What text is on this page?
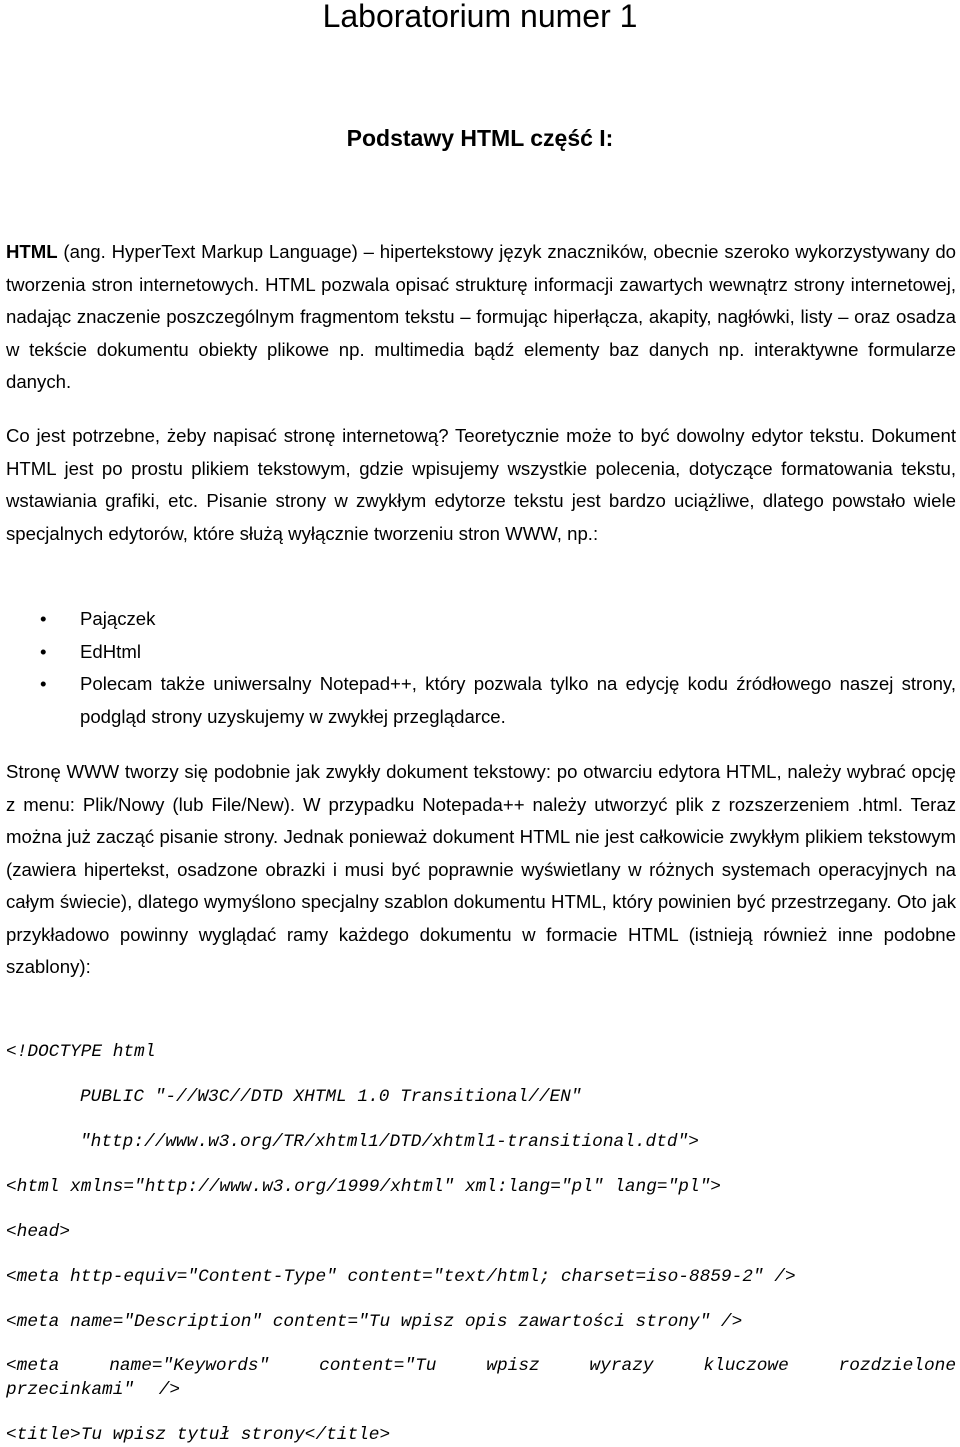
Laboratorium numer 1
Podstawy HTML część I:

HTML (ang. HyperText Markup Language) – hipertekstowy język znaczników, obecnie szeroko wykorzystywany do tworzenia stron internetowych. HTML pozwala opisać strukturę informacji zawartych wewnątrz strony internetowej, nadając znaczenie poszczególnym fragmentom tekstu – formując hiperłącza, akapity, nagłówki, listy – oraz osadza w tekście dokumentu obiekty plikowe np. multimedia bądź elementy baz danych np. interaktywne formularze danych.

Co jest potrzebne, żeby napisać stronę internetową? Teoretycznie może to być dowolny edytor tekstu. Dokument HTML jest po prostu plikiem tekstowym, gdzie wpisujemy wszystkie polecenia, dotyczące formatowania tekstu, wstawiania grafiki, etc. Pisanie strony w zwykłym edytorze tekstu jest bardzo uciążliwe, dlatego powstało wiele specjalnych edytorów, które służą wyłącznie tworzeniu stron WWW, np.:

• Pajączek
• EdHtml
• Polecam także uniwersalny Notepad++, który pozwala tylko na edycję kodu źródłowego naszej strony, podgląd strony uzyskujemy w zwykłej przeglądarce.

Stronę WWW tworzy się podobnie jak zwykły dokument tekstowy: po otwarciu edytora HTML, należy wybrać opcję z menu: Plik/Nowy (lub File/New). W przypadku Notepada++ należy utworzyć plik z rozszerzeniem .html. Teraz można już zacząć pisanie strony. Jednak ponieważ dokument HTML nie jest całkowicie zwykłym plikiem tekstowym (zawiera hipertekst, osadzone obrazki i musi być poprawnie wyświetlany w różnych systemach operacyjnych na całym świecie), dlatego wymyślono specjalny szablon dokumentu HTML, który powinien być przestrzegany. Oto jak przykładowo powinny wyglądać ramy każdego dokumentu w formacie HTML (istnieją również inne podobne szablony):

<!DOCTYPE html
PUBLIC "-//W3C//DTD XHTML 1.0 Transitional//EN"
"http://www.w3.org/TR/xhtml1/DTD/xhtml1-transitional.dtd">
<html xmlns="http://www.w3.org/1999/xhtml" xml:lang="pl" lang="pl">
<head>
<meta http-equiv="Content-Type" content="text/html; charset=iso-8859-2" />
<meta name="Description" content="Tu wpisz opis zawartości strony" />
<meta name="Keywords" content="Tu wpisz wyrazy kluczowe rozdzielone przecinkami" />
<title>Tu wpisz tytuł strony</title>
